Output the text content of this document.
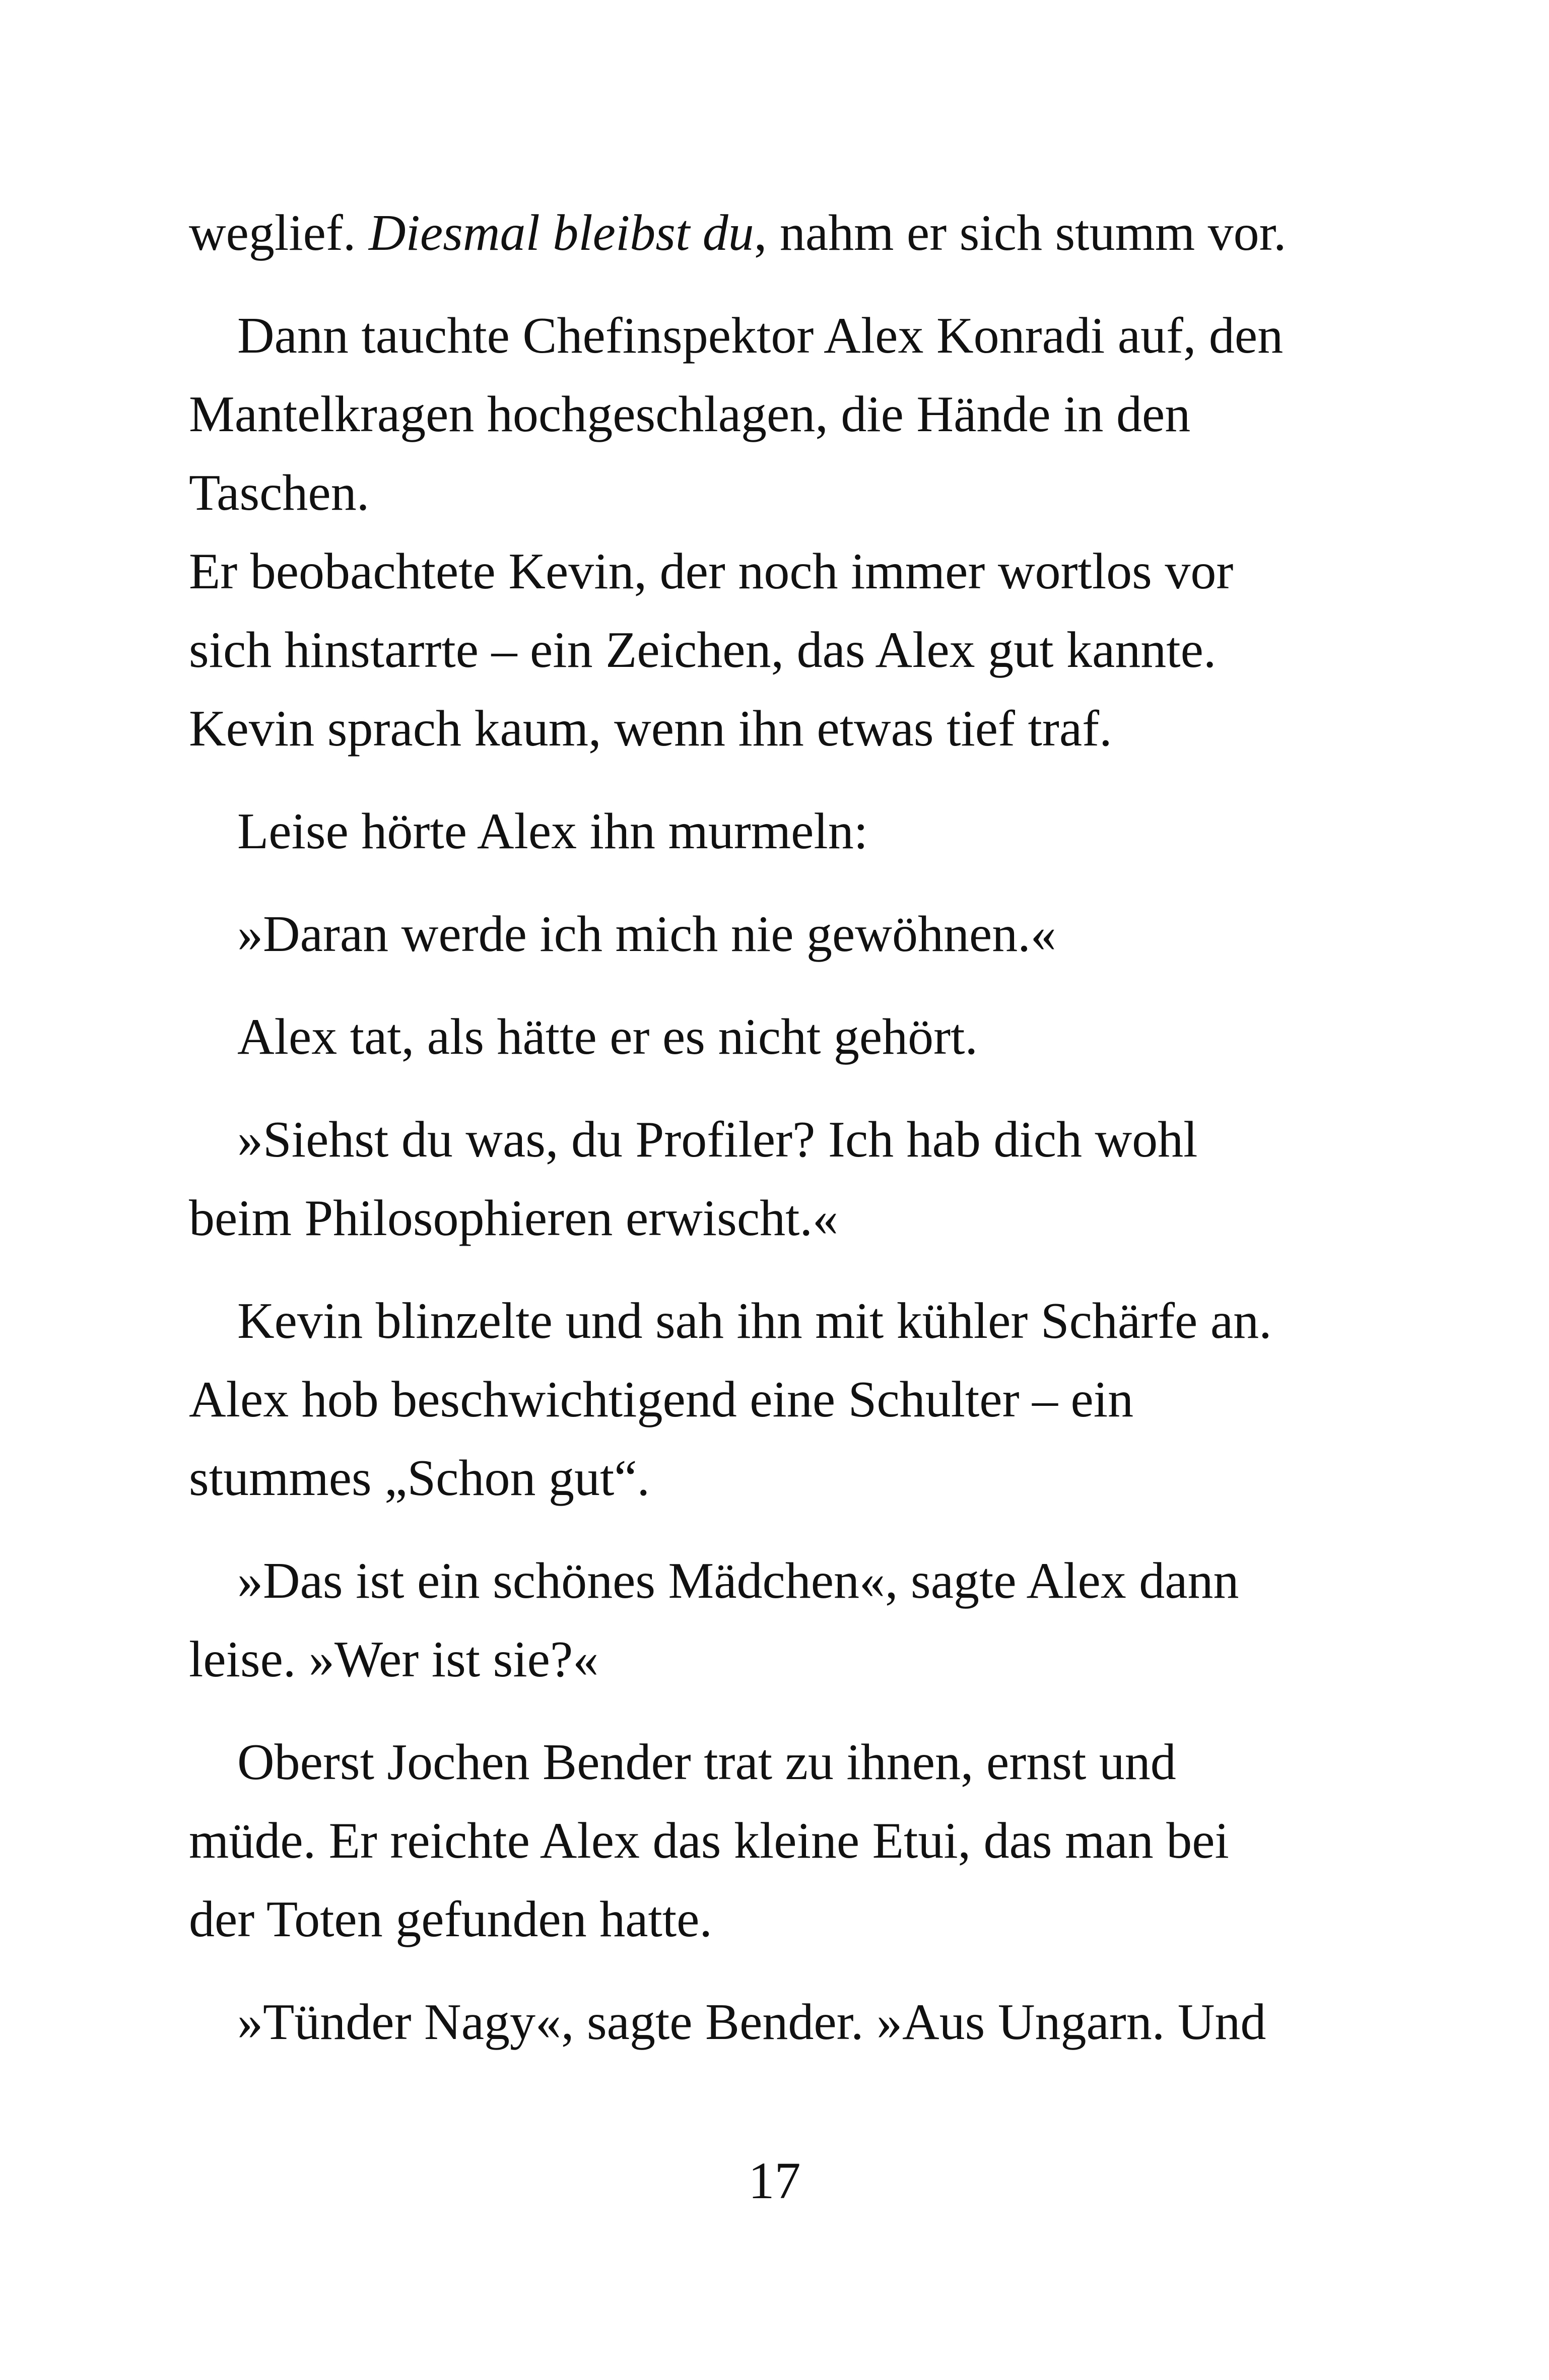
weglief. Diesmal bleibst du, nahm er sich stumm vor.

Dann tauchte Chefinspektor Alex Konradi auf, den
Mantelkragen hochgeschlagen, die Hände in den
Taschen.

Er beobachtete Kevin, der noch immer wortlos vor
sich hinstarrte – ein Zeichen, das Alex gut kannte.
Kevin sprach kaum, wenn ihn etwas tief traf.

Leise hörte Alex ihn murmeln:

»Daran werde ich mich nie gewöhnen.«

Alex tat, als hätte er es nicht gehört.

»Siehst du was, du Profiler? Ich hab dich wohl
beim Philosophieren erwischt.«

Kevin blinzelte und sah ihn mit kühler Schärfe an.
Alex hob beschwichtigend eine Schulter – ein
stummes „Schon gut“.

»Das ist ein schönes Mädchen«, sagte Alex dann
leise. »Wer ist sie?«

Oberst Jochen Bender trat zu ihnen, ernst und
müde. Er reichte Alex das kleine Etui, das man bei
der Toten gefunden hatte.

»Tünder Nagy«, sagte Bender. »Aus Ungarn. Und

17
